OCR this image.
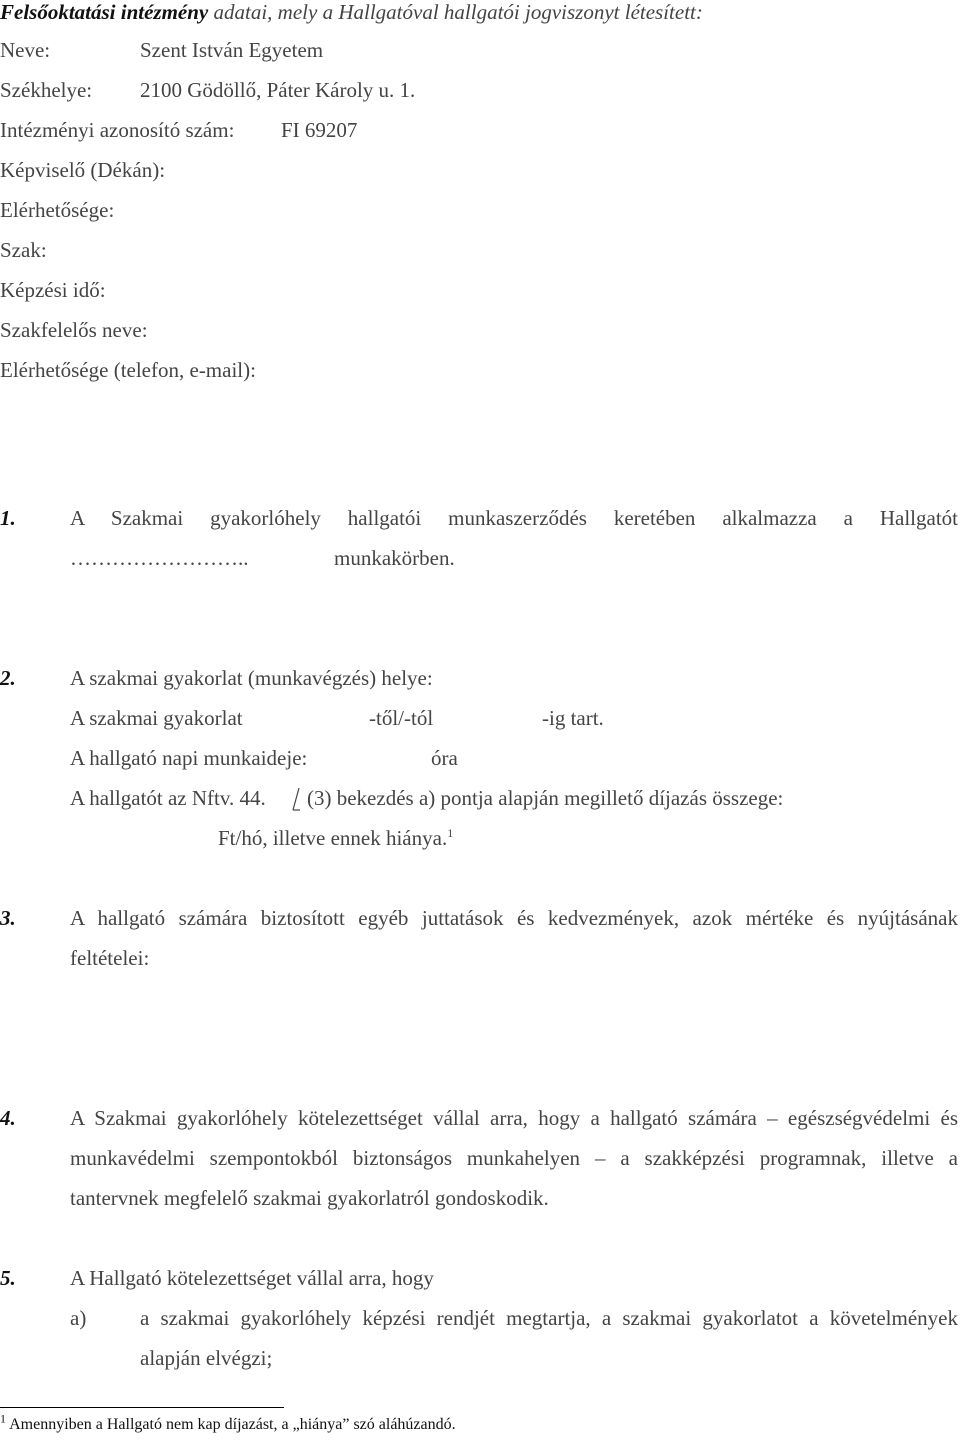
Felsőoktatási intézmény adatai, mely a Hallgatóval hallgatói jogviszonyt létesített:
Neve:	Szent István Egyetem
Székhelye: 2100 Gödöllő, Páter Károly u. 1.
Intézményi azonosító szám: FI 69207
Képviselő (Dékán):
Elérhetősége:
Szak:
Képzési idő:
Szakfelelős neve:
Elérhetősége (telefon, e-mail):
1.	A Szakmai gyakorlóhely hallgatói munkaszerződés keretében alkalmazza a Hallgatót
……………………..	munkakörben.
2.	A szakmai gyakorlat (munkavégzés) helye:
A szakmai gyakorlat	-től/-tól	-ig tart.
A hallgató napi munkaideje:	óra
A hallgatót az Nftv. 44. (3) bekezdés a) pontja alapján megillető díjazás összege:
Ft/hó, illetve ennek hiánya.$^1$
3.	A hallgató számára biztosított egyéb juttatások és kedvezmények, azok mértéke és nyújtásának
feltételei:
4.	A Szakmai gyakorlóhely kötelezettséget vállal arra, hogy a hallgató számára – egészségvédelmi és
munkavédelmi szempontokból biztonságos munkahelyen – a szakképzési programnak, illetve a
tantervnek megfelelő szakmai gyakorlatról gondoskodik.
5.	A Hallgató kötelezettséget vállal arra, hogy
a)	a szakmai gyakorlóhely képzési rendjét megtartja, a szakmai gyakorlatot a követelmények
alapján elvégzi;
$^1$ Amennyiben a Hallgató nem kap díjazást, a „hiánya” szó aláhúzandó.
